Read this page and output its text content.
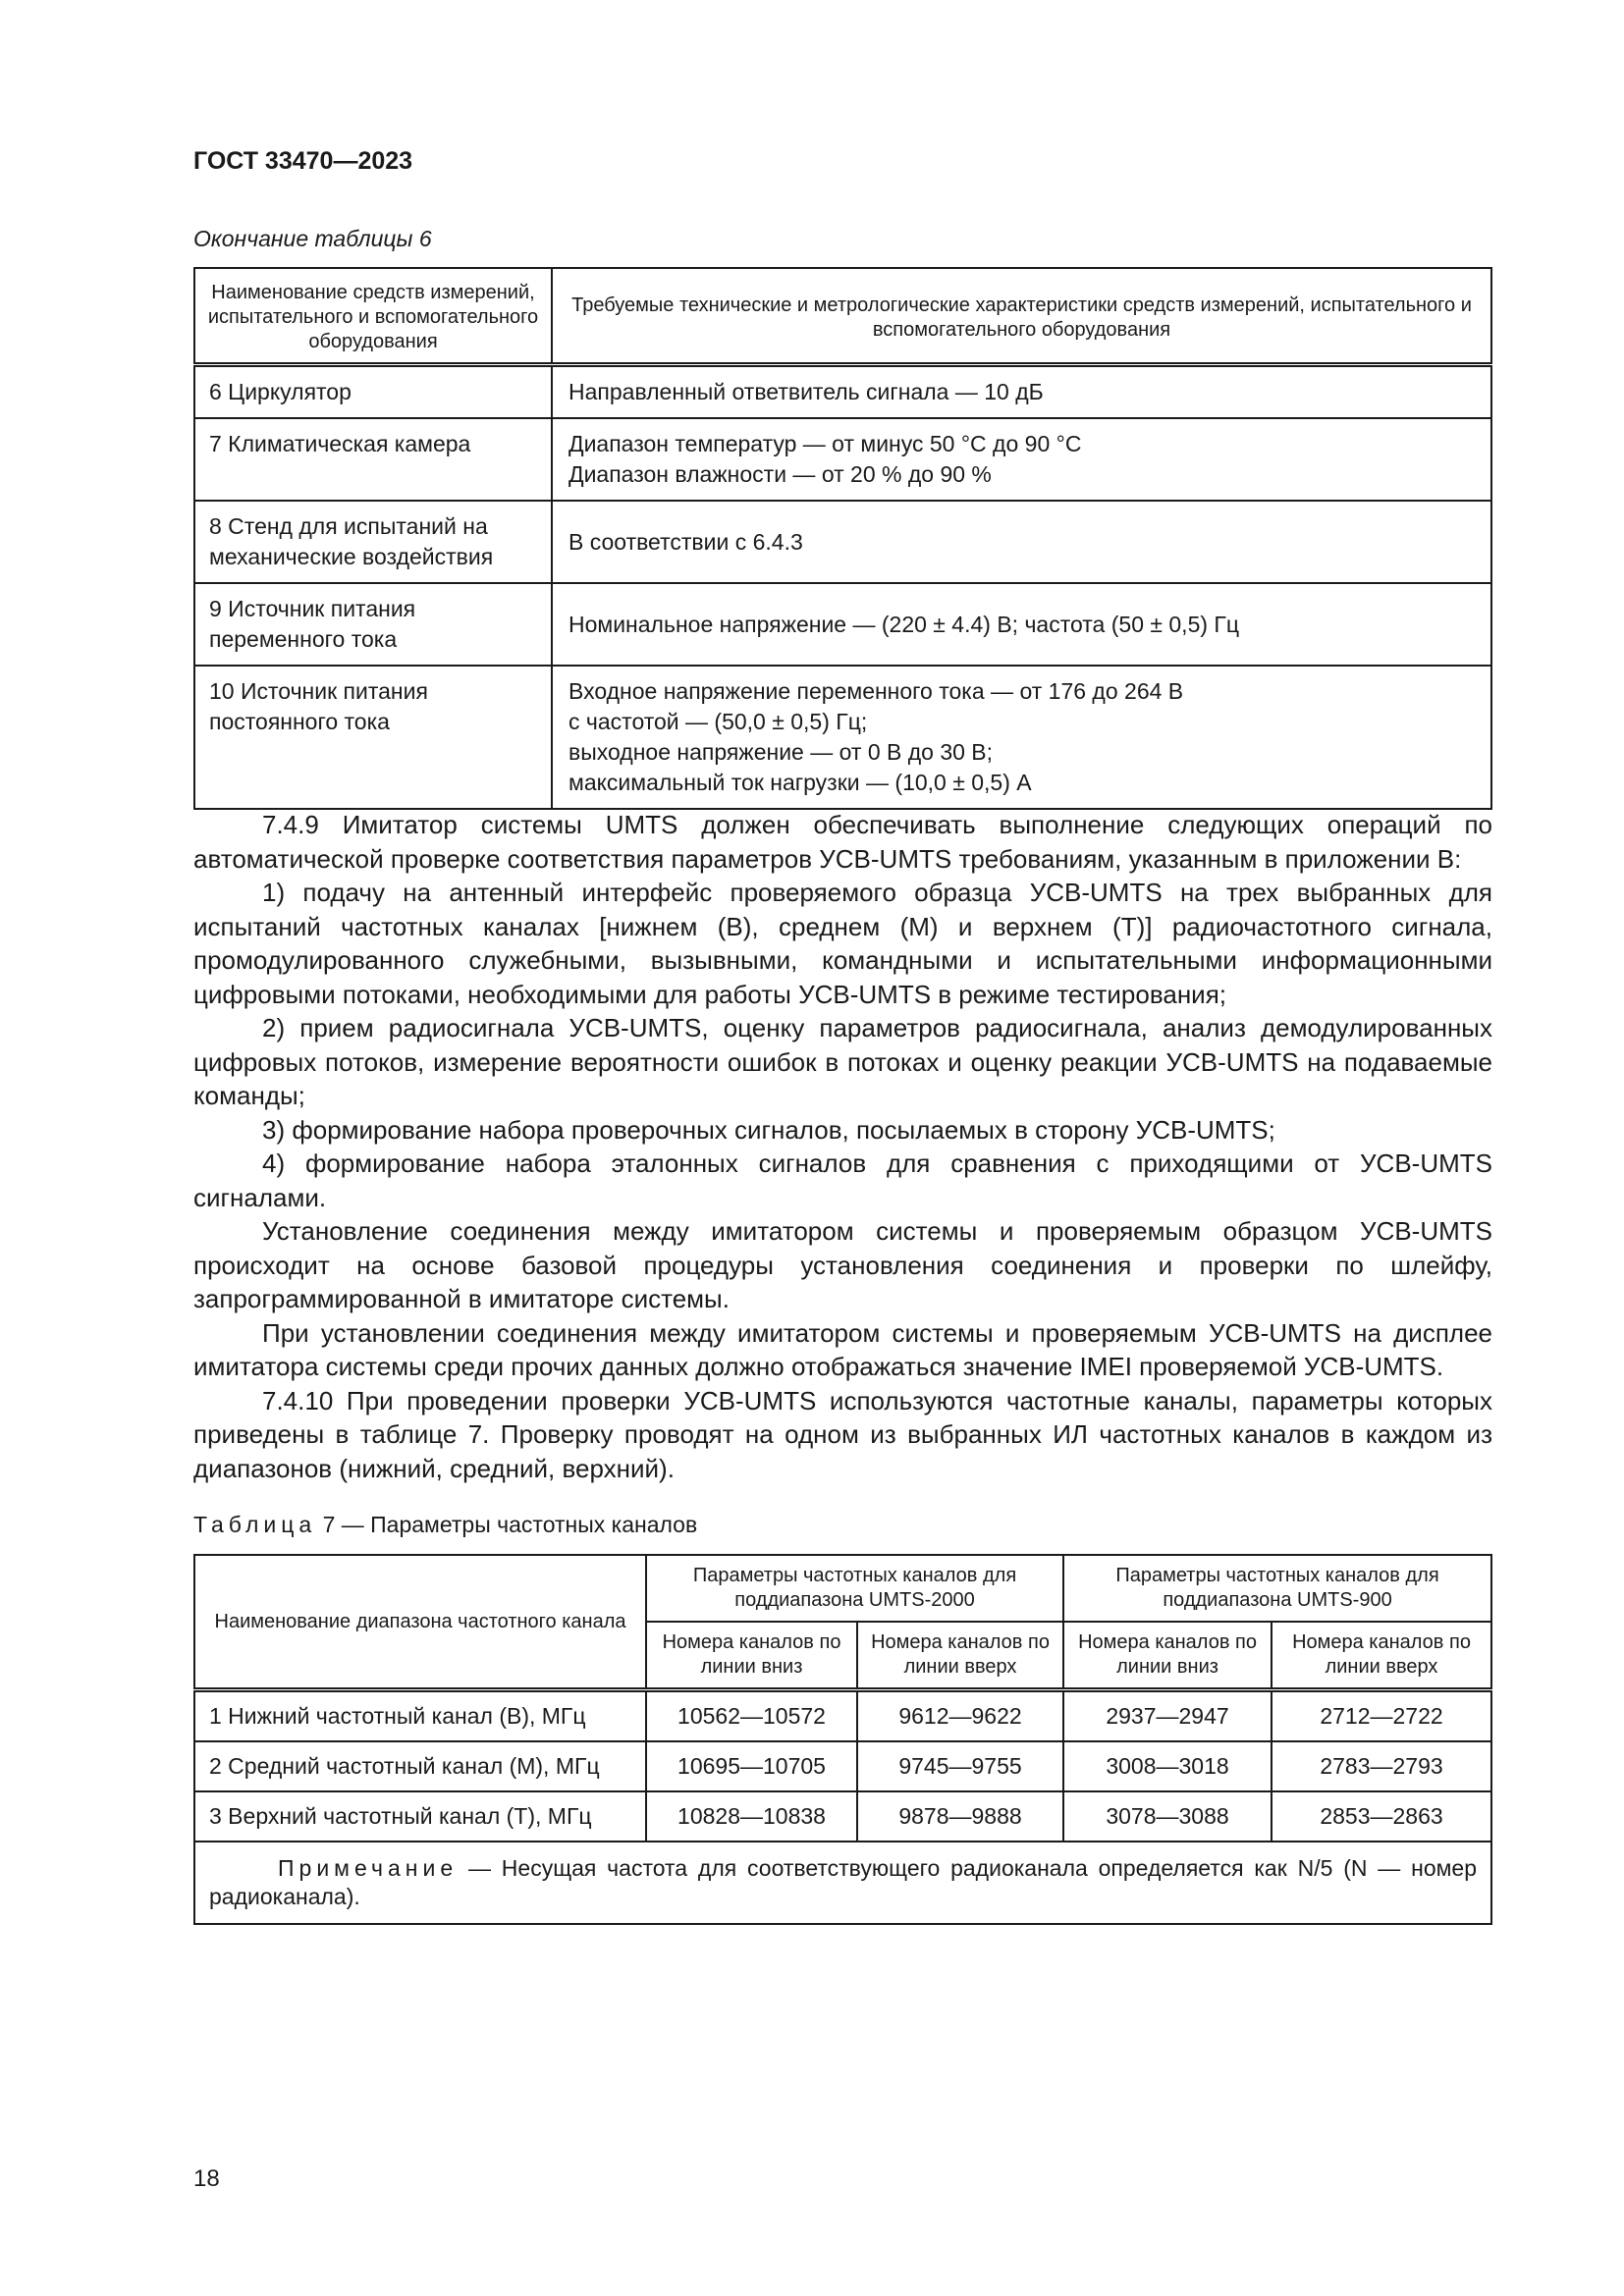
ГОСТ 33470—2023
Окончание таблицы 6
Наименование средств измерений, испытательного и вспомогательного оборудования	Требуемые технические и метрологические характеристики средств измерений, испытательного и вспомогательного оборудования
6 Циркулятор	Направленный ответвитель сигнала — 10 дБ

7 Климатическая камера	Диапазон температур — от минус 50 °С до 90 °С
Диапазон влажности — от 20 % до 90 %

8 Стенд для испытаний на механические воздействия	В соответствии с 6.4.3

9 Источник питания переменного тока	Номинальное напряжение — (220 ± 4.4) В; частота (50 ± 0,5) Гц

10 Источник питания постоянного тока	Входное напряжение переменного тока — от 176 до 264 В
с частотой — (50,0 ± 0,5) Гц;
выходное напряжение — от 0 В до 30 В;
максимальный ток нагрузки — (10,0 ± 0,5) А

7.4.9 Имитатор системы UMTS должен обеспечивать выполнение следующих операций по автоматической проверке соответствия параметров УСВ-UMTS требованиям, указанным в приложении В:

1) подачу на антенный интерфейс проверяемого образца УСВ-UMTS на трех выбранных для испытаний частотных каналах [нижнем (В), среднем (М) и верхнем (Т)] радиочастотного сигнала, промодулированного служебными, вызывными, командными и испытательными информационными цифровыми потоками, необходимыми для работы УСВ-UMTS в режиме тестирования;

2) прием радиосигнала УСВ-UMTS, оценку параметров радиосигнала, анализ демодулированных цифровых потоков, измерение вероятности ошибок в потоках и оценку реакции УСВ-UMTS на подаваемые команды;

3) формирование набора проверочных сигналов, посылаемых в сторону УСВ-UMTS;

4) формирование набора эталонных сигналов для сравнения с приходящими от УСВ-UMTS сигналами.

Установление соединения между имитатором системы и проверяемым образцом УСВ-UMTS происходит на основе базовой процедуры установления соединения и проверки по шлейфу, запрограммированной в имитаторе системы.

При установлении соединения между имитатором системы и проверяемым УСВ-UMTS на дисплее имитатора системы среди прочих данных должно отображаться значение IMEI проверяемой УСВ-UMTS.

7.4.10 При проведении проверки УСВ-UMTS используются частотные каналы, параметры которых приведены в таблице 7. Проверку проводят на одном из выбранных ИЛ частотных каналов в каждом из диапазонов (нижний, средний, верхний).

Таблица 7 — Параметры частотных каналов
Наименование диапазона частотного канала	Параметры частотных каналов для поддиапазона UMTS-2000		Параметры частотных каналов для поддиапазона UMTS-900	
	Номера каналов по линии вниз	Номера каналов по линии вверх	Номера каналов по линии вниз	Номера каналов по линии вверх
1 Нижний частотный канал (В), МГц	10562—10572	9612—9622	2937—2947	2712—2722
2 Средний частотный канал (М), МГц	10695—10705	9745—9755	3008—3018	2783—2793
3 Верхний частотный канал (Т), МГц	10828—10838	9878—9888	3078—3088	2853—2863
Примечание — Несущая частота для соответствующего радиоканала определяется как N/5 (N — номер радиоканала).				
18
